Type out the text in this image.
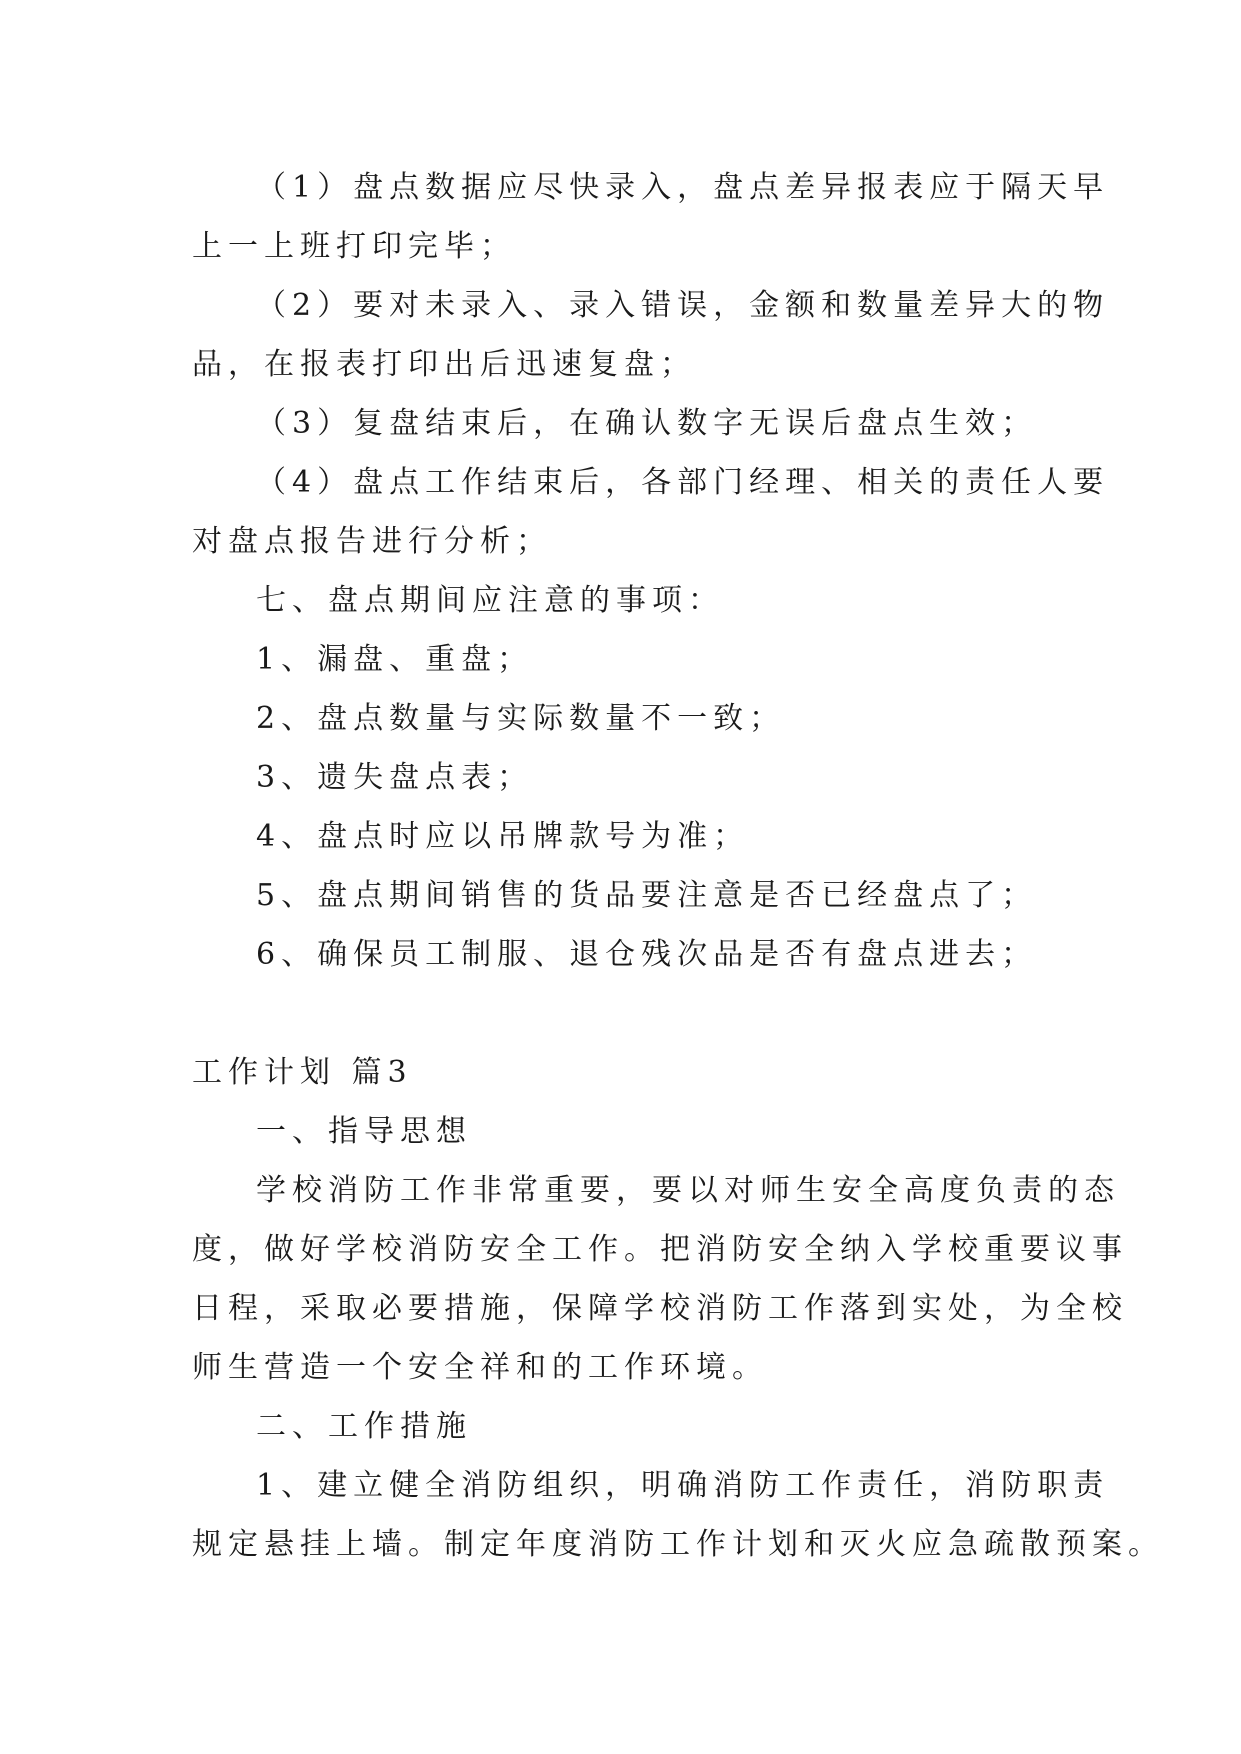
（1）盘点数据应尽快录入，盘点差异报表应于隔天早

上一上班打印完毕；

（2）要对未录入、录入错误，金额和数量差异大的物

品，在报表打印出后迅速复盘；

（3）复盘结束后，在确认数字无误后盘点生效；

（4）盘点工作结束后，各部门经理、相关的责任人要

对盘点报告进行分析；

七、盘点期间应注意的事项：

1、漏盘、重盘；

2、盘点数量与实际数量不一致；

3、遗失盘点表；

4、盘点时应以吊牌款号为准；

5、盘点期间销售的货品要注意是否已经盘点了；

6、确保员工制服、退仓残次品是否有盘点进去；

工作计划 篇3

一、指导思想

学校消防工作非常重要，要以对师生安全高度负责的态

度，做好学校消防安全工作。把消防安全纳入学校重要议事

日程，采取必要措施，保障学校消防工作落到实处，为全校

师生营造一个安全祥和的工作环境。

二、工作措施

1、建立健全消防组织，明确消防工作责任，消防职责

规定悬挂上墙。制定年度消防工作计划和灭火应急疏散预案。
